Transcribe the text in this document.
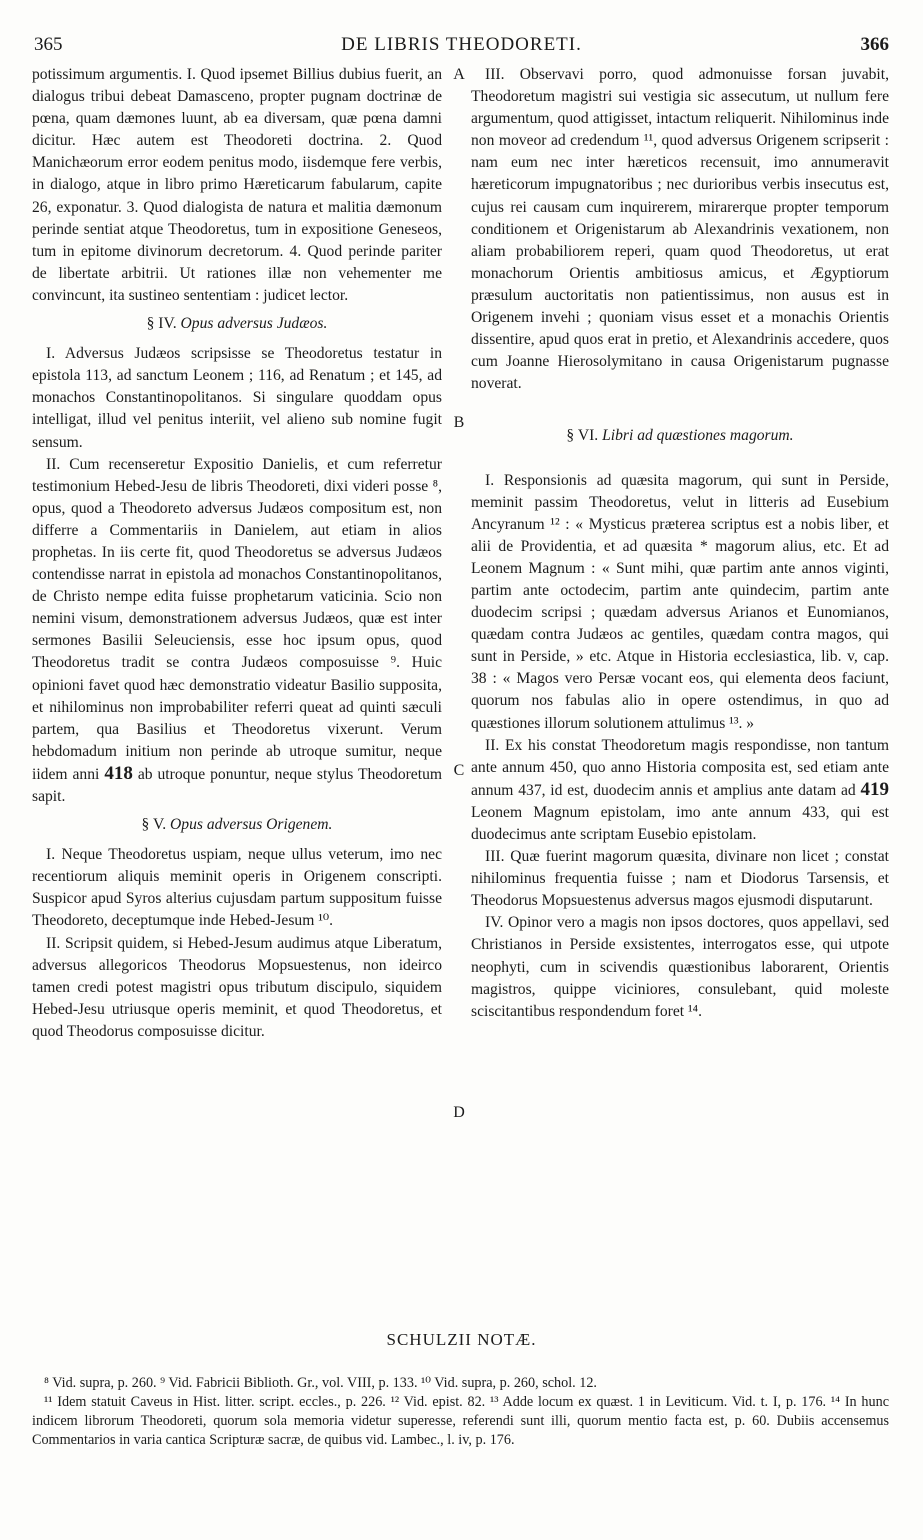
365	DE LIBRIS THEODORETI.	366
A
B
C
D

potissimum argumentis. I. Quod ipsemet Billius dubius fuerit, an dialogus tribui debeat Damasceno, propter pugnam doctrinæ de pœna, quam dæmones luunt, ab ea diversam, quæ pœna damni dicitur. Hæc autem est Theodoreti doctrina. 2. Quod Manichæorum error eodem penitus modo, iisdemque fere verbis, in dialogo, atque in libro primo Hæreticarum fabularum, capite 26, exponatur. 3. Quod dialogista de natura et malitia dæmonum perinde sentiat atque Theodoretus, tum in expositione Geneseos, tum in epitome divinorum decretorum. 4. Quod perinde pariter de libertate arbitrii. Ut rationes illæ non vehementer me convincunt, ita sustineo sententiam : judicet lector.

§ IV. Opus adversus Judæos.

I. Adversus Judæos scripsisse se Theodoretus testatur in epistola 113, ad sanctum Leonem ; 116, ad Renatum ; et 145, ad monachos Constantinopolitanos. Si singulare quoddam opus intelligat, illud vel penitus interiit, vel alieno sub nomine fugit sensum.

II. Cum recenseretur Expositio Danielis, et cum referretur testimonium Hebed-Jesu de libris Theodoreti, dixi videri posse ⁸, opus, quod a Theodoreto adversus Judæos compositum est, non differre a Commentariis in Danielem, aut etiam in alios prophetas. In iis certe fit, quod Theodoretus se adversus Judæos contendisse narrat in epistola ad monachos Constantinopolitanos, de Christo nempe edita fuisse prophetarum vaticinia. Scio non nemini visum, demonstrationem adversus Judæos, quæ est inter sermones Basilii Seleuciensis, esse hoc ipsum opus, quod Theodoretus tradit se contra Judæos composuisse ⁹. Huic opinioni favet quod hæc demonstratio videatur Basilio supposita, et nihilominus non improbabiliter referri queat ad quinti sæculi partem, qua Basilius et Theodoretus vixerunt. Verum hebdomadum initium non perinde ab utroque sumitur, neque iidem anni 418 ab utroque ponuntur, neque stylus Theodoretum sapit.

§ V. Opus adversus Origenem.

I. Neque Theodoretus uspiam, neque ullus veterum, imo nec recentiorum aliquis meminit operis in Origenem conscripti. Suspicor apud Syros alterius cujusdam partum suppositum fuisse Theodoreto, deceptumque inde Hebed-Jesum ¹⁰.

II. Scripsit quidem, si Hebed-Jesum audimus atque Liberatum, adversus allegoricos Theodorus Mopsuestenus, non ideirco tamen credi potest magistri opus tributum discipulo, siquidem Hebed-Jesu utriusque operis meminit, et quod Theodoretus, et quod Theodorus composuisse dicitur.

III. Observavi porro, quod admonuisse forsan juvabit, Theodoretum magistri sui vestigia sic assecutum, ut nullum fere argumentum, quod attigisset, intactum reliquerit. Nihilominus inde non moveor ad credendum ¹¹, quod adversus Origenem scripserit : nam eum nec inter hæreticos recensuit, imo annumeravit hæreticorum impugnatoribus ; nec durioribus verbis insecutus est, cujus rei causam cum inquirerem, mirarerque propter temporum conditionem et Origenistarum ab Alexandrinis vexationem, non aliam probabiliorem reperi, quam quod Theodoretus, ut erat monachorum Orientis ambitiosus amicus, et Ægyptiorum præsulum auctoritatis non patientissimus, non ausus est in Origenem invehi ; quoniam visus esset et a monachis Orientis dissentire, apud quos erat in pretio, et Alexandrinis accedere, quos cum Joanne Hierosolymitano in causa Origenistarum pugnasse noverat.

§ VI. Libri ad quæstiones magorum.

I. Responsionis ad quæsita magorum, qui sunt in Perside, meminit passim Theodoretus, velut in litteris ad Eusebium Ancyranum ¹² : « Mysticus præterea scriptus est a nobis liber, et alii de Providentia, et ad quæsita * magorum alius, etc. Et ad Leonem Magnum : « Sunt mihi, quæ partim ante annos viginti, partim ante octodecim, partim ante quindecim, partim ante duodecim scripsi ; quædam adversus Arianos et Eunomianos, quædam contra Judæos ac gentiles, quædam contra magos, qui sunt in Perside, » etc. Atque in Historia ecclesiastica, lib. v, cap. 38 : « Magos vero Persæ vocant eos, qui elementa deos faciunt, quorum nos fabulas alio in opere ostendimus, in quo ad quæstiones illorum solutionem attulimus ¹³. »

II. Ex his constat Theodoretum magis respondisse, non tantum ante annum 450, quo anno Historia composita est, sed etiam ante annum 437, id est, duodecim annis et amplius ante datam ad 419 Leonem Magnum epistolam, imo ante annum 433, qui est duodecimus ante scriptam Eusebio epistolam.

III. Quæ fuerint magorum quæsita, divinare non licet ; constat nihilominus frequentia fuisse ; nam et Diodorus Tarsensis, et Theodorus Mopsuestenus adversus magos ejusmodi disputarunt.

IV. Opinor vero a magis non ipsos doctores, quos appellavi, sed Christianos in Perside exsistentes, interrogatos esse, qui utpote neophyti, cum in scivendis quæstionibus laborarent, Orientis magistros, quippe viciniores, consulebant, quid moleste sciscitantibus respondendum foret ¹⁴.

SCHULZII NOTÆ.

⁸ Vid. supra, p. 260. ⁹ Vid. Fabricii Biblioth. Gr., vol. VIII, p. 133. ¹⁰ Vid. supra, p. 260, schol. 12.

¹¹ Idem statuit Caveus in Hist. litter. script. eccles., p. 226. ¹² Vid. epist. 82. ¹³ Adde locum ex quæst. 1 in Leviticum. Vid. t. I, p. 176. ¹⁴ In hunc indicem librorum Theodoreti, quorum sola memoria videtur superesse, referendi sunt illi, quorum mentio facta est, p. 60. Dubiis accensemus Commentarios in varia cantica Scripturæ sacræ, de quibus vid. Lambec., l. iv, p. 176.
